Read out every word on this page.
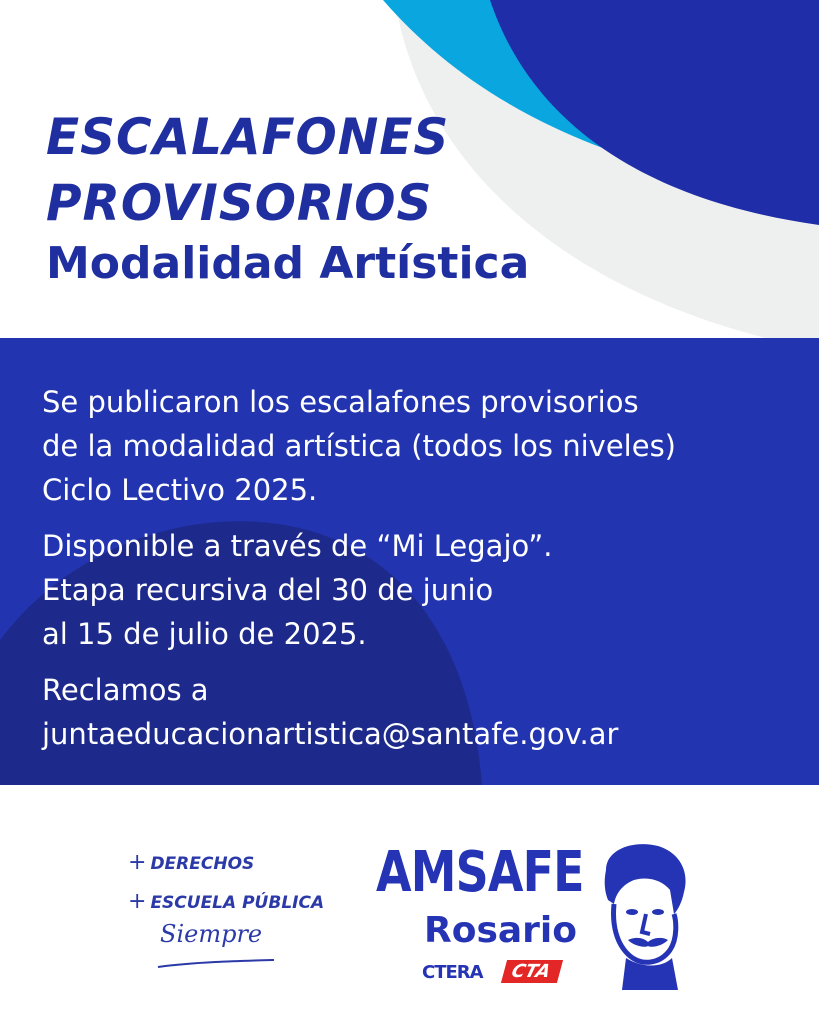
ESCALAFONES
PROVISORIOS
Modalidad Artística

Se publicaron los escalafones provisorios
de la modalidad artística (todos los niveles)
Ciclo Lectivo 2025.

Disponible a través de “Mi Legajo”.
Etapa recursiva del 30 de junio
al 15 de julio de 2025.

Reclamos a
juntaeducacionartistica@santafe.gov.ar

+ DERECHOS
+ ESCUELA PÚBLICA
Siempre
AMSAFE
Rosario
CTERA	CTA
